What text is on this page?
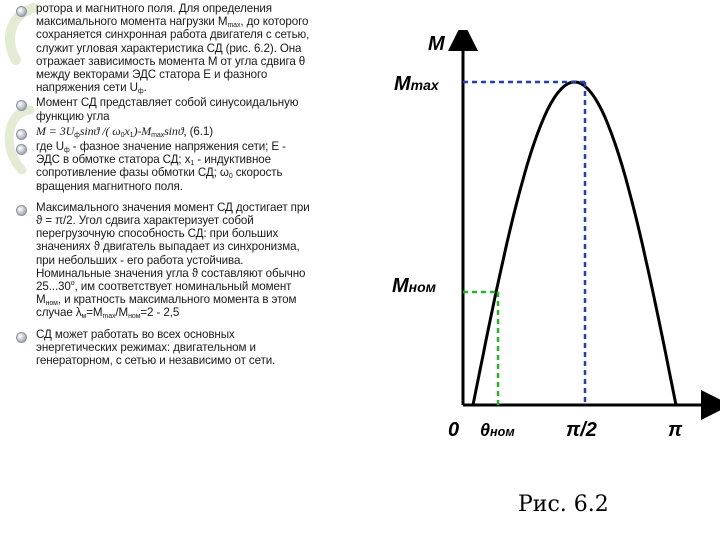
ротора и магнитного поля. Для определения максимального момента нагрузки $М_{max}$, до которого сохраняется синхронная работа двигателя с сетью, служит угловая характеристика СД (рис. 6.2). Она отражает зависимость момента М от угла сдвига θ между векторами ЭДС статора Е и фазного напряжения сети $U_ф$.
Момент СД представляет собой синусоидальную функцию угла
$M = 3U_ф\sin ϑ$ /( $\omega_0x_1)-M_{max}\sin ϑ$, (6.1)
где $U_ф$ - фазное значение напряжения сети; Е - ЭДС в обмотке статора СД; $x_1$ - индуктивное сопротивление фазы обмотки СД; $\omega_0$ скорость вращения магнитного поля.
Максимального значения момент СД достигает при ϑ = π/2. Угол сдвига характеризует собой перегрузочную способность СД: при больших значениях ϑ двигатель выпадает из синхронизма, при небольших - его работа устойчива. Номинальные значения угла ϑ составляют обычно $25...30^о$, им соответствует номинальный момент $М_{ном}$, и кратность максимального момента в этом случае $\lambda_м=М_{max}/М_{ном}=2 - 2,5$
СД может работать во всех основных энергетических режимах: двигательном и генераторном, с сетью и независимо от сети.
M
Mmax
Mном
0 θном	π/2	π
Рис. 6.2
